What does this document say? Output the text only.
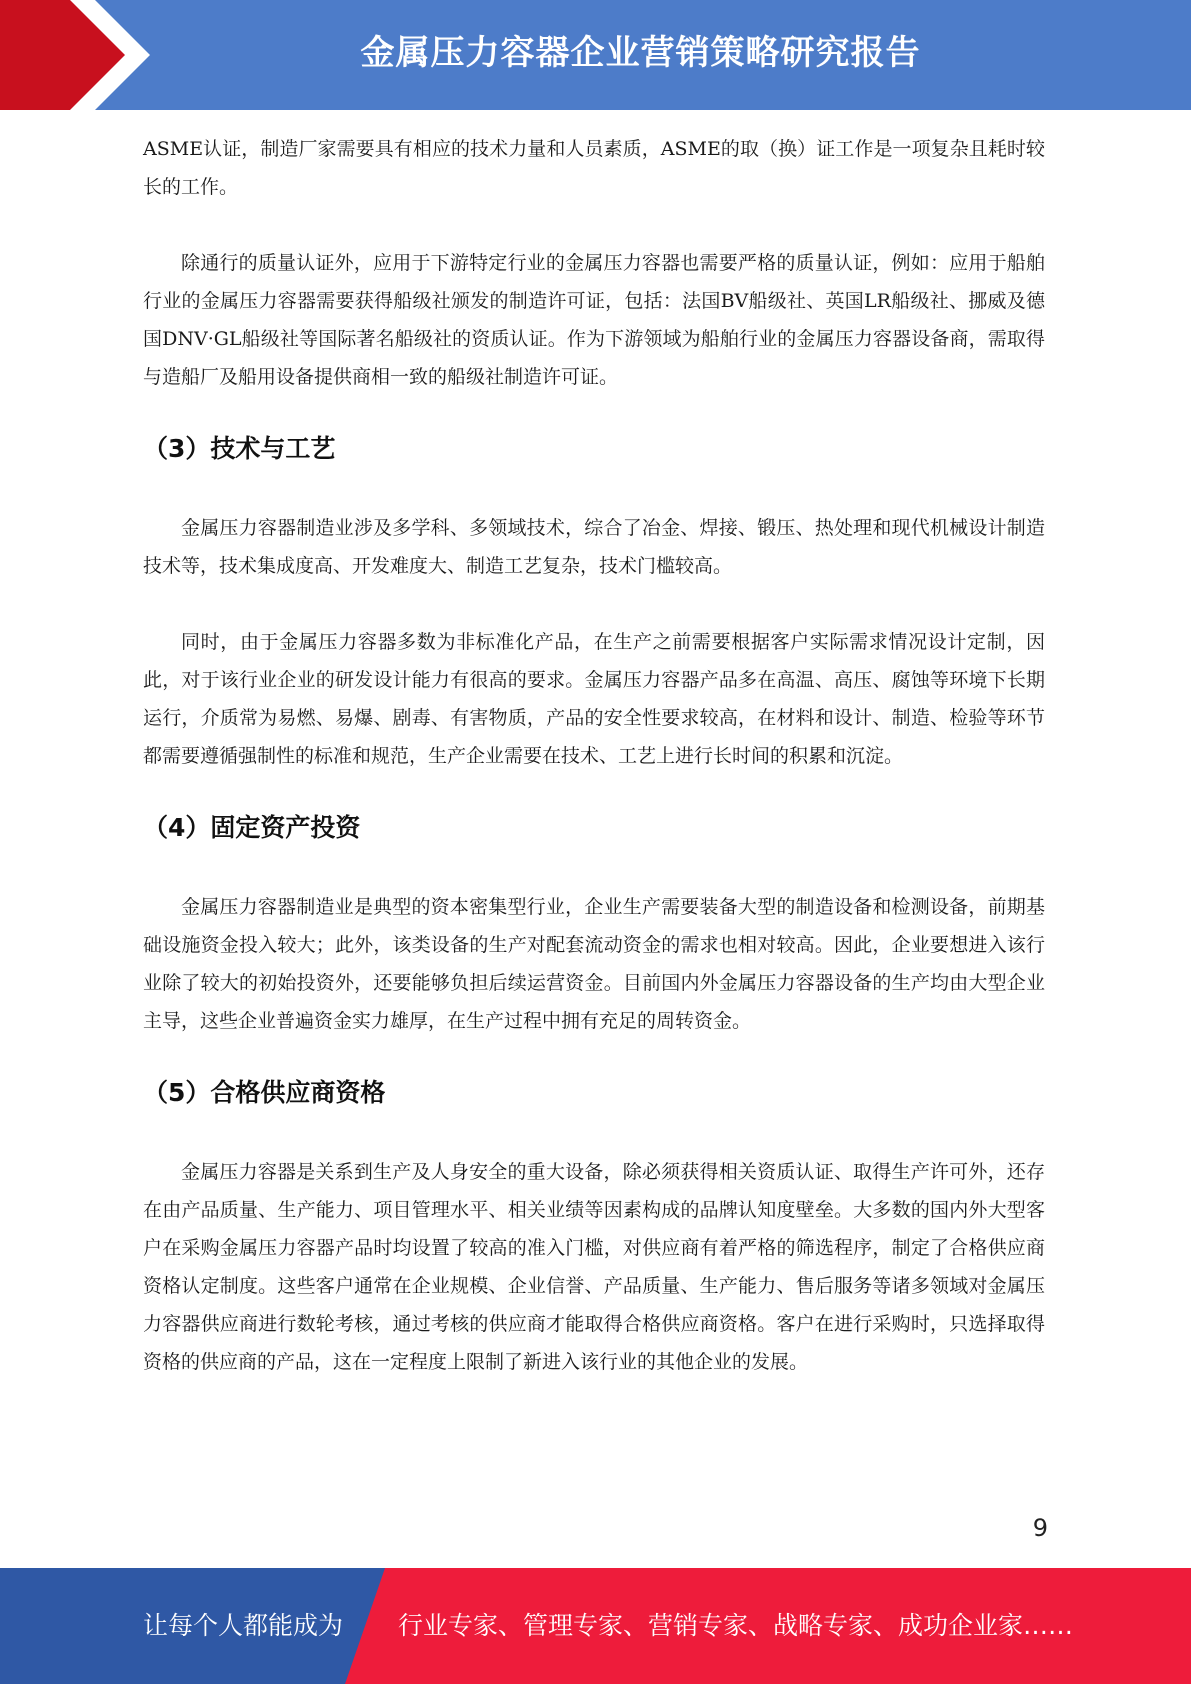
金属压力容器企业营销策略研究报告

ASME认证，制造厂家需要具有相应的技术力量和人员素质，ASME的取（换）证工作是一项复杂且耗时较长的工作。

除通行的质量认证外，应用于下游特定行业的金属压力容器也需要严格的质量认证，例如：应用于船舶行业的金属压力容器需要获得船级社颁发的制造许可证，包括：法国BV船级社、英国LR船级社、挪威及德国DNV·GL船级社等国际著名船级社的资质认证。作为下游领域为船舶行业的金属压力容器设备商，需取得与造船厂及船用设备提供商相一致的船级社制造许可证。

（3）技术与工艺

金属压力容器制造业涉及多学科、多领域技术，综合了冶金、焊接、锻压、热处理和现代机械设计制造技术等，技术集成度高、开发难度大、制造工艺复杂，技术门槛较高。

同时，由于金属压力容器多数为非标准化产品，在生产之前需要根据客户实际需求情况设计定制，因此，对于该行业企业的研发设计能力有很高的要求。金属压力容器产品多在高温、高压、腐蚀等环境下长期运行，介质常为易燃、易爆、剧毒、有害物质，产品的安全性要求较高，在材料和设计、制造、检验等环节都需要遵循强制性的标准和规范，生产企业需要在技术、工艺上进行长时间的积累和沉淀。

（4）固定资产投资

金属压力容器制造业是典型的资本密集型行业，企业生产需要装备大型的制造设备和检测设备，前期基础设施资金投入较大；此外，该类设备的生产对配套流动资金的需求也相对较高。因此，企业要想进入该行业除了较大的初始投资外，还要能够负担后续运营资金。目前国内外金属压力容器设备的生产均由大型企业主导，这些企业普遍资金实力雄厚，在生产过程中拥有充足的周转资金。

（5）合格供应商资格

金属压力容器是关系到生产及人身安全的重大设备，除必须获得相关资质认证、取得生产许可外，还存在由产品质量、生产能力、项目管理水平、相关业绩等因素构成的品牌认知度壁垒。大多数的国内外大型客户在采购金属压力容器产品时均设置了较高的准入门槛，对供应商有着严格的筛选程序，制定了合格供应商资格认定制度。这些客户通常在企业规模、企业信誉、产品质量、生产能力、售后服务等诸多领域对金属压力容器供应商进行数轮考核，通过考核的供应商才能取得合格供应商资格。客户在进行采购时，只选择取得资格的供应商的产品，这在一定程度上限制了新进入该行业的其他企业的发展。

9
让每个人都能成为 行业专家、管理专家、营销专家、战略专家、成功企业家……
